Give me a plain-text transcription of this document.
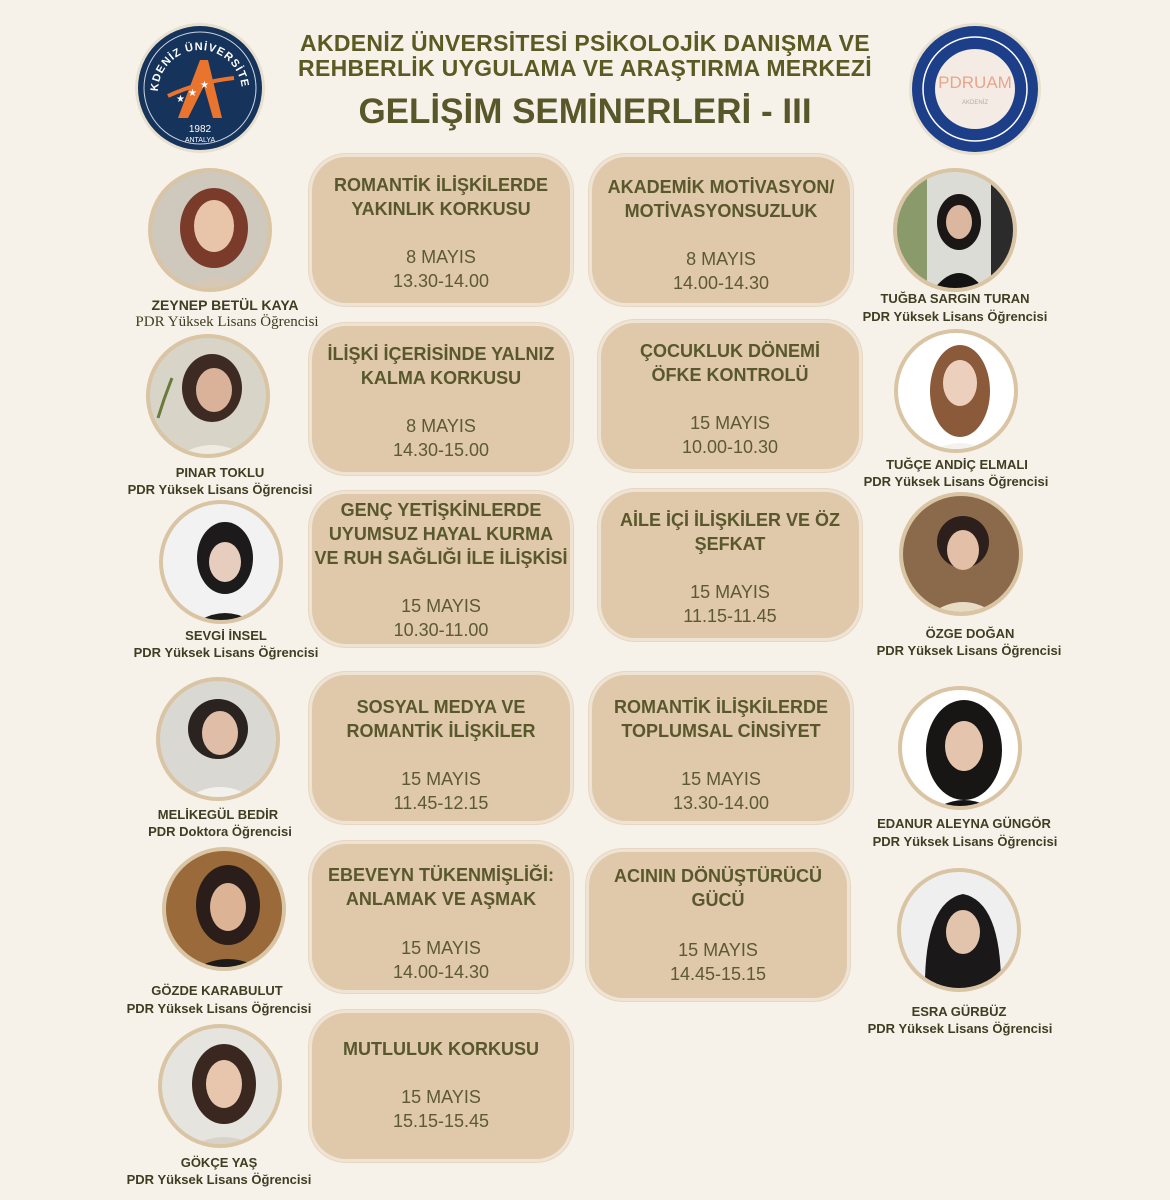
AKDENİZ ÜNVERSİTESİ PSİKOLOJİK DANIŞMA VE
REHBERLİK UYGULAMA VE ARAŞTIRMA MERKEZİ
GELİŞİM SEMİNERLERİ - III
KDENİZ ÜNİVERSİTE
★
★
★
1982
ANTALYA
PDRUAM
AKDENİZ
ROMANTİK İLİŞKİLERDE
YAKINLIK KORKUSU
8 MAYIS
13.30-14.00
AKADEMİK MOTİVASYON/
MOTİVASYONSUZLUK
8 MAYIS
14.00-14.30
İLİŞKİ İÇERİSİNDE YALNIZ
KALMA KORKUSU
8 MAYIS
14.30-15.00
ÇOCUKLUK DÖNEMİ
ÖFKE KONTROLÜ
15 MAYIS
10.00-10.30
GENÇ YETİŞKİNLERDE
UYUMSUZ HAYAL KURMA
VE RUH SAĞLIĞI İLE İLİŞKİSİ
15 MAYIS
10.30-11.00
AİLE İÇİ İLİŞKİLER VE ÖZ
ŞEFKAT
15 MAYIS
11.15-11.45
SOSYAL MEDYA VE
ROMANTİK İLİŞKİLER
15 MAYIS
11.45-12.15
ROMANTİK İLİŞKİLERDE
TOPLUMSAL CİNSİYET
15 MAYIS
13.30-14.00
EBEVEYN TÜKENMİŞLİĞİ:
ANLAMAK VE AŞMAK
15 MAYIS
14.00-14.30
ACININ DÖNÜŞTÜRÜCÜ
GÜCÜ
15 MAYIS
14.45-15.15
MUTLULUK KORKUSU
15 MAYIS
15.15-15.45
ZEYNEP BETÜL KAYA
PDR Yüksek Lisans Öğrencisi
PINAR TOKLU
PDR Yüksek Lisans Öğrencisi
SEVGİ İNSEL
PDR Yüksek Lisans Öğrencisi
MELİKEGÜL BEDİR
PDR Doktora Öğrencisi
GÖZDE KARABULUT
PDR Yüksek Lisans Öğrencisi
GÖKÇE YAŞ
PDR Yüksek Lisans Öğrencisi
TUĞBA SARGIN TURAN
PDR Yüksek Lisans Öğrencisi
TUĞÇE ANDİÇ ELMALI
PDR Yüksek Lisans Öğrencisi
ÖZGE DOĞAN
PDR Yüksek Lisans Öğrencisi
EDANUR ALEYNA GÜNGÖR
PDR Yüksek Lisans Öğrencisi
ESRA GÜRBÜZ
PDR Yüksek Lisans Öğrencisi
